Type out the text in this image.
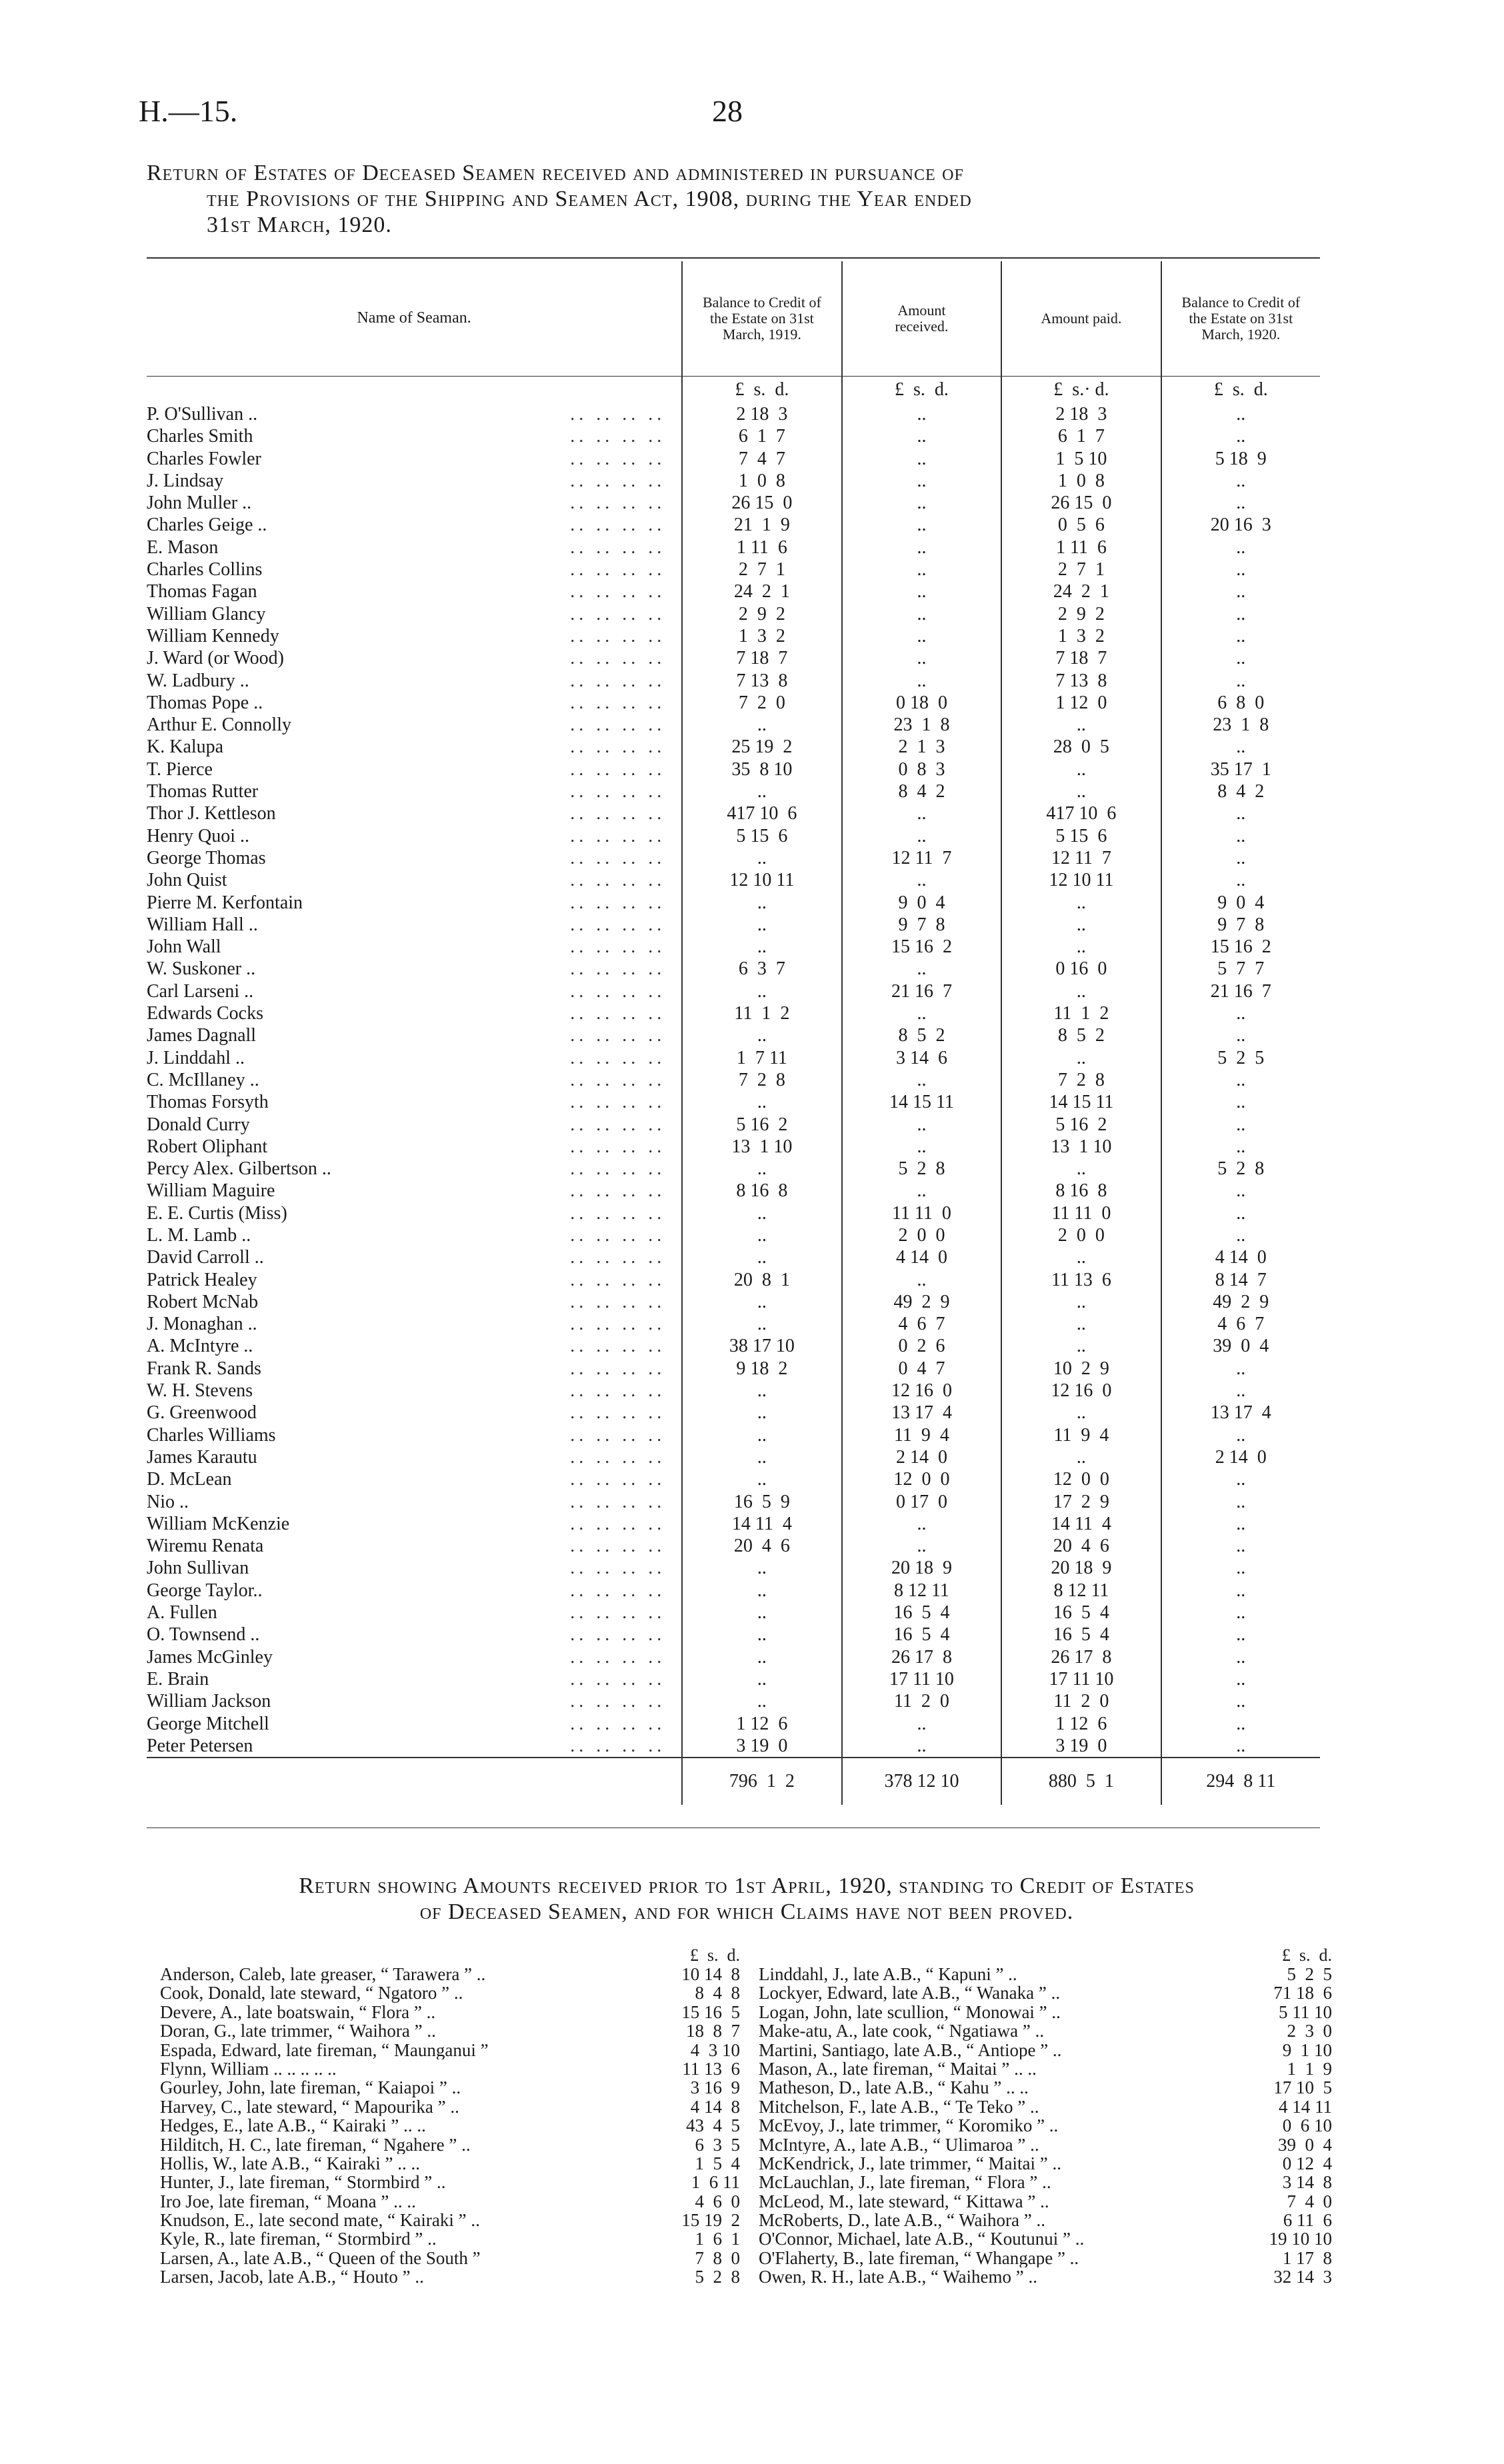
H.—15.	28
Return of Estates of Deceased Seamen received and administered in pursuance of
the Provisions of the Shipping and Seamen Act, 1908, during the Year ended
31st March, 1920.
Name of Seaman.	Balance to Credit of the Estate on 31st March, 1919.	Amount received.	Amount paid.	Balance to Credit of the Estate on 31st March, 1920.

	£  s.  d.	£  s.  d.	£  s.· d.	£  s.  d.
P. O'Sullivan .. .. .. .. ..	2 18  3	..	2 18  3	..
Charles Smith .. .. .. ..	6  1  7	..	6  1  7	..
Charles Fowler .. .. .. ..	7  4  7	..	1  5 10	5 18  9
J. Lindsay .. .. .. ..	1  0  8	..	1  0  8	..
John Muller .. .. .. .. ..	26 15  0	..	26 15  0	..
Charles Geige .. .. .. .. ..	21  1  9	..	0  5  6	20 16  3
E. Mason .. .. .. ..	1 11  6	..	1 11  6	..
Charles Collins .. .. .. ..	2  7  1	..	2  7  1	..
Thomas Fagan .. .. .. ..	24  2  1	..	24  2  1	..
William Glancy .. .. .. ..	2  9  2	..	2  9  2	..
William Kennedy .. .. .. ..	1  3  2	..	1  3  2	..
J. Ward (or Wood) .. .. .. ..	7 18  7	..	7 18  7	..
W. Ladbury .. .. .. .. ..	7 13  8	..	7 13  8	..
Thomas Pope .. .. .. .. ..	7  2  0	0 18  0	1 12  0	6  8  0
Arthur E. Connolly .. .. .. ..	..	23  1  8	..	23  1  8
K. Kalupa .. .. .. ..	25 19  2	2  1  3	28  0  5	..
T. Pierce .. .. .. ..	35  8 10	0  8  3	..	35 17  1
Thomas Rutter .. .. .. ..	..	8  4  2	..	8  4  2
Thor J. Kettleson .. .. .. ..	417 10  6	..	417 10  6	..
Henry Quoi .. .. .. .. ..	5 15  6	..	5 15  6	..
George Thomas .. .. .. ..	..	12 11  7	12 11  7	..
John Quist .. .. .. ..	12 10 11	..	12 10 11	..
Pierre M. Kerfontain .. .. .. ..	..	9  0  4	..	9  0  4
William Hall .. .. .. .. ..	..	9  7  8	..	9  7  8
John Wall .. .. .. ..	..	15 16  2	..	15 16  2
W. Suskoner .. .. .. .. ..	6  3  7	..	0 16  0	5  7  7
Carl Larseni .. .. .. .. ..	..	21 16  7	..	21 16  7
Edwards Cocks .. .. .. ..	11  1  2	..	11  1  2	..
James Dagnall .. .. .. ..	..	8  5  2	8  5  2	..
J. Linddahl .. .. .. .. ..	1  7 11	3 14  6	..	5  2  5
C. McIllaney .. .. .. .. ..	7  2  8	..	7  2  8	..
Thomas Forsyth .. .. .. ..	..	14 15 11	14 15 11	..
Donald Curry .. .. .. ..	5 16  2	..	5 16  2	..
Robert Oliphant .. .. .. ..	13  1 10	..	13  1 10	..
Percy Alex. Gilbertson .. .. .. .. ..	..	5  2  8	..	5  2  8
William Maguire .. .. .. ..	8 16  8	..	8 16  8	..
E. E. Curtis (Miss) .. .. .. ..	..	11 11  0	11 11  0	..
L. M. Lamb .. .. .. .. ..	..	2  0  0	2  0  0	..
David Carroll .. .. .. .. ..	..	4 14  0	..	4 14  0
Patrick Healey .. .. .. ..	20  8  1	..	11 13  6	8 14  7
Robert McNab .. .. .. ..	..	49  2  9	..	49  2  9
J. Monaghan .. .. .. .. ..	..	4  6  7	..	4  6  7
A. McIntyre .. .. .. .. ..	38 17 10	0  2  6	..	39  0  4
Frank R. Sands .. .. .. ..	9 18  2	0  4  7	10  2  9	..
W. H. Stevens .. .. .. ..	..	12 16  0	12 16  0	..
G. Greenwood .. .. .. ..	..	13 17  4	..	13 17  4
Charles Williams .. .. .. ..	..	11  9  4	11  9  4	..
James Karautu .. .. .. ..	..	2 14  0	..	2 14  0
D. McLean .. .. .. ..	..	12  0  0	12  0  0	..
Nio .. .. .. .. ..	16  5  9	0 17  0	17  2  9	..
William McKenzie .. .. .. ..	14 11  4	..	14 11  4	..
Wiremu Renata .. .. .. ..	20  4  6	..	20  4  6	..
John Sullivan .. .. .. ..	..	20 18  9	20 18  9	..
George Taylor.. .. .. .. ..	..	8 12 11	8 12 11	..
A. Fullen .. .. .. ..	..	16  5  4	16  5  4	..
O. Townsend .. .. .. .. ..	..	16  5  4	16  5  4	..
James McGinley .. .. .. ..	..	26 17  8	26 17  8	..
E. Brain .. .. .. ..	..	17 11 10	17 11 10	..
William Jackson .. .. .. ..	..	11  2  0	11  2  0	..
George Mitchell .. .. .. ..	1 12  6	..	1 12  6	..
Peter Petersen .. .. .. ..	3 19  0	..	3 19  0	..
	796  1  2	378 12 10	880  5  1	294  8 11
Return showing Amounts received prior to 1st April, 1920, standing to Credit of Estates
of Deceased Seamen, and for which Claims have not been proved.
£  s.  d.
Anderson, Caleb, late greaser, “ Tarawera ” ..	10 14  8
Cook, Donald, late steward, “ Ngatoro ” ..	8  4  8
Devere, A., late boatswain, “ Flora ” ..	15 16  5
Doran, G., late trimmer, “ Waihora ” ..	18  8  7
Espada, Edward, late fireman, “ Maunganui ”	4  3 10
Flynn, William .. .. .. .. ..	11 13  6
Gourley, John, late fireman, “ Kaiapoi ” ..	3 16  9
Harvey, C., late steward, “ Mapourika ” ..	4 14  8
Hedges, E., late A.B., “ Kairaki ” .. ..	43  4  5
Hilditch, H. C., late fireman, “ Ngahere ” ..	6  3  5
Hollis, W., late A.B., “ Kairaki ” .. ..	1  5  4
Hunter, J., late fireman, “ Stormbird ” ..	1  6 11
Iro Joe, late fireman, “ Moana ” .. ..	4  6  0
Knudson, E., late second mate, “ Kairaki ” ..	15 19  2
Kyle, R., late fireman, “ Stormbird ” ..	1  6  1
Larsen, A., late A.B., “ Queen of the South ”	7  8  0
Larsen, Jacob, late A.B., “ Houto ” ..	5  2  8
£  s.  d.
Linddahl, J., late A.B., “ Kapuni ” ..	5  2  5
Lockyer, Edward, late A.B., “ Wanaka ” ..	71 18  6
Logan, John, late scullion, “ Monowai ” ..	5 11 10
Make-atu, A., late cook, “ Ngatiawa ” ..	2  3  0
Martini, Santiago, late A.B., “ Antiope ” ..	9  1 10
Mason, A., late fireman, “ Maitai ” .. ..	1  1  9
Matheson, D., late A.B., “ Kahu ” .. ..	17 10  5
Mitchelson, F., late A.B., “ Te Teko ” ..	4 14 11
McEvoy, J., late trimmer, “ Koromiko ” ..	0  6 10
McIntyre, A., late A.B., “ Ulimaroa ” ..	39  0  4
McKendrick, J., late trimmer, “ Maitai ” ..	0 12  4
McLauchlan, J., late fireman, “ Flora ” ..	3 14  8
McLeod, M., late steward, “ Kittawa ” ..	7  4  0
McRoberts, D., late A.B., “ Waihora ” ..	6 11  6
O'Connor, Michael, late A.B., “ Koutunui ” ..	19 10 10
O'Flaherty, B., late fireman, “ Whangape ” ..	1 17  8
Owen, R. H., late A.B., “ Waihemo ” ..	32 14  3
